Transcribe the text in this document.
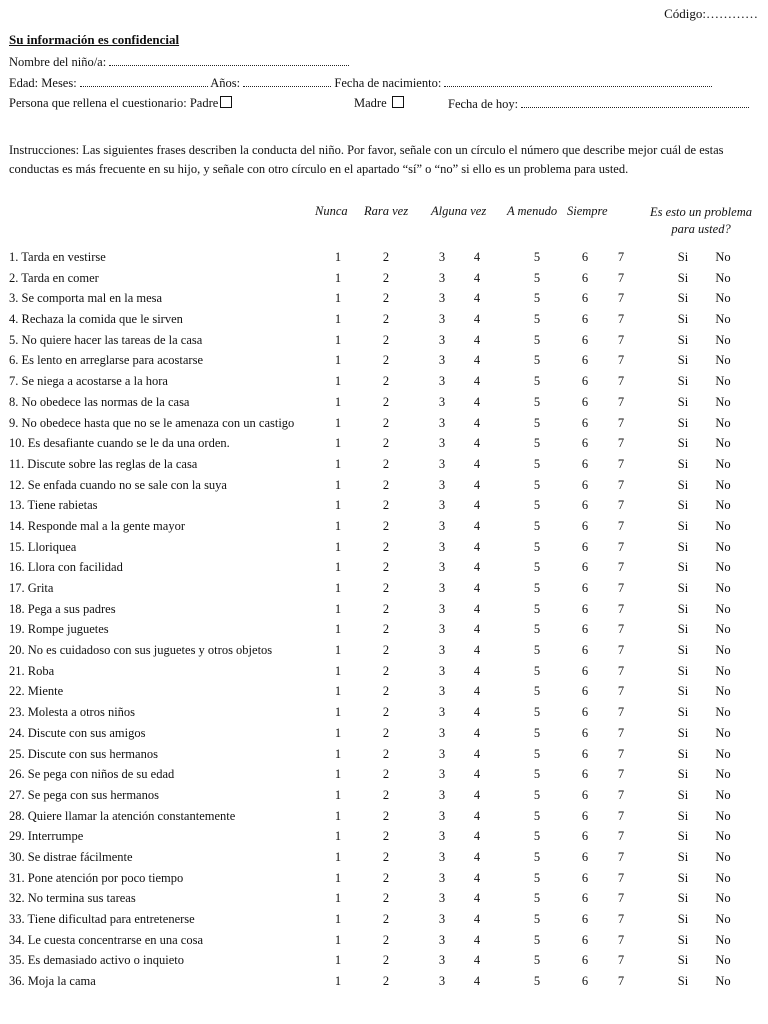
Código:…………
Su información es confidencial
Nombre del niño/a:
Edad: Meses:	Años:	Fecha de nacimiento:
Persona que rellena el cuestionario: Padre	Madre	Fecha de hoy:
Instrucciones: Las siguientes frases describen la conducta del niño. Por favor, señale con un círculo el número que describe mejor cuál de estas conductas es más frecuente en su hijo, y señale con otro círculo en el apartado “sí” o “no” si ello es un problema para usted.
Nunca Rara vez Alguna vez A menudo Siempre	Es esto un problema para usted?
1. Tarda en vestirse	1	2	3	4	5	6	7	Si	No
2. Tarda en comer	1	2	3	4	5	6	7	Si	No
3. Se comporta mal en la mesa	1	2	3	4	5	6	7	Si	No
4. Rechaza la comida que le sirven	1	2	3	4	5	6	7	Si	No
5. No quiere hacer las tareas de la casa	1	2	3	4	5	6	7	Si	No
6. Es lento en arreglarse para acostarse	1	2	3	4	5	6	7	Si	No
7. Se niega a acostarse a la hora	1	2	3	4	5	6	7	Si	No
8. No obedece las normas de la casa	1	2	3	4	5	6	7	Si	No
9. No obedece hasta que no se le amenaza con un castigo	1	2	3	4	5	6	7	Si	No
10. Es desafiante cuando se le da una orden.	1	2	3	4	5	6	7	Si	No
11. Discute sobre las reglas de la casa	1	2	3	4	5	6	7	Si	No
12. Se enfada cuando no se sale con la suya	1	2	3	4	5	6	7	Si	No
13. Tiene rabietas	1	2	3	4	5	6	7	Si	No
14. Responde mal a la gente mayor	1	2	3	4	5	6	7	Si	No
15. Lloriquea	1	2	3	4	5	6	7	Si	No
16. Llora con facilidad	1	2	3	4	5	6	7	Si	No
17. Grita	1	2	3	4	5	6	7	Si	No
18. Pega a sus padres	1	2	3	4	5	6	7	Si	No
19. Rompe juguetes	1	2	3	4	5	6	7	Si	No
20. No es cuidadoso con sus juguetes y otros objetos	1	2	3	4	5	6	7	Si	No
21. Roba	1	2	3	4	5	6	7	Si	No
22. Miente	1	2	3	4	5	6	7	Si	No
23. Molesta a otros niños	1	2	3	4	5	6	7	Si	No
24. Discute con sus amigos	1	2	3	4	5	6	7	Si	No
25. Discute con sus hermanos	1	2	3	4	5	6	7	Si	No
26. Se pega con niños de su edad	1	2	3	4	5	6	7	Si	No
27. Se pega con sus hermanos	1	2	3	4	5	6	7	Si	No
28. Quiere llamar la atención constantemente	1	2	3	4	5	6	7	Si	No
29. Interrumpe	1	2	3	4	5	6	7	Si	No
30. Se distrae fácilmente	1	2	3	4	5	6	7	Si	No
31. Pone atención por poco tiempo	1	2	3	4	5	6	7	Si	No
32. No termina sus tareas	1	2	3	4	5	6	7	Si	No
33. Tiene dificultad para entretenerse	1	2	3	4	5	6	7	Si	No
34. Le cuesta concentrarse en una cosa	1	2	3	4	5	6	7	Si	No
35. Es demasiado activo o inquieto	1	2	3	4	5	6	7	Si	No
36. Moja la cama	1	2	3	4	5	6	7	Si	No
